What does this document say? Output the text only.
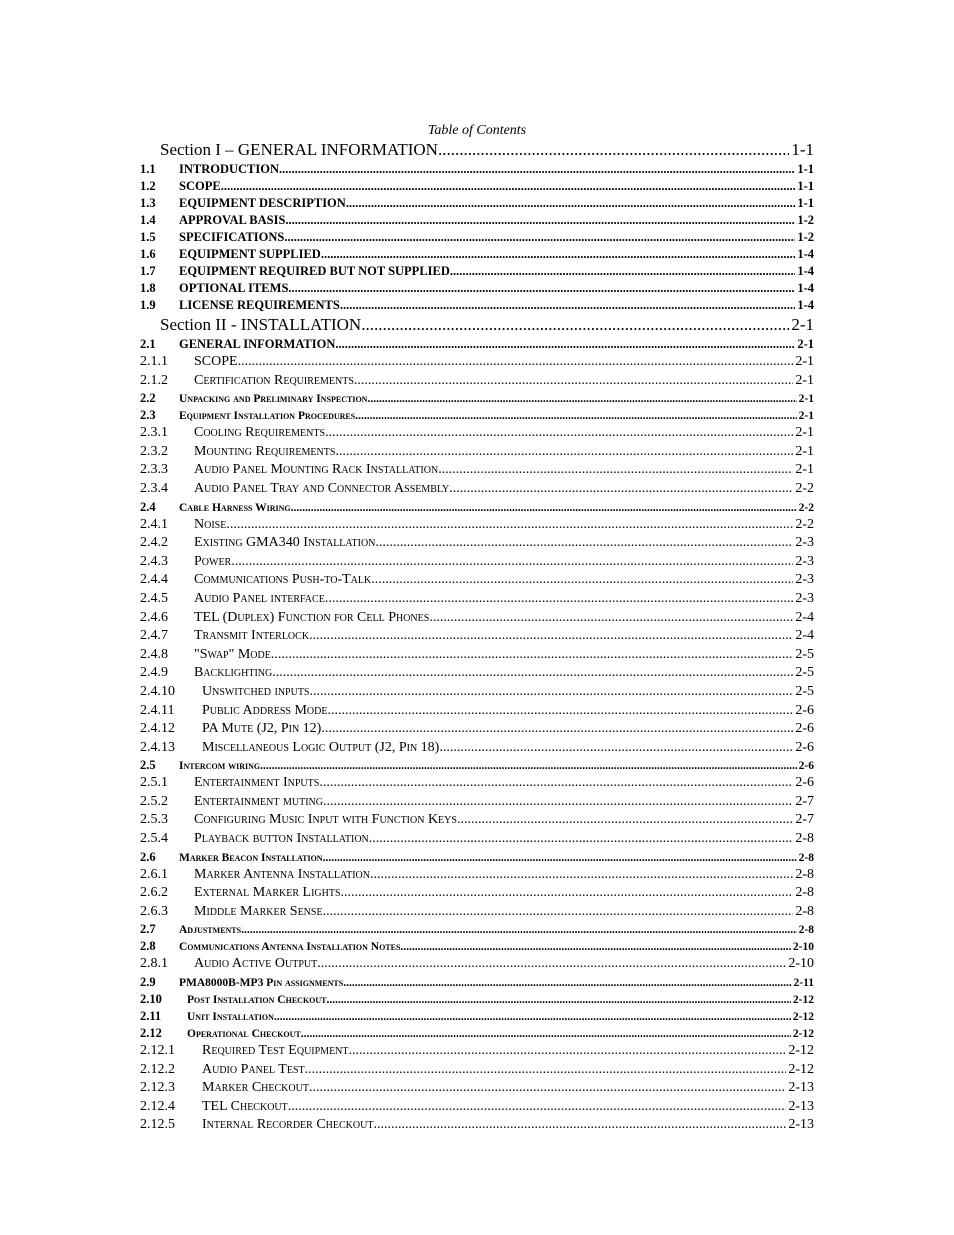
Table of Contents
Section I – GENERAL INFORMATION .....	1-1
1.1	INTRODUCTION .....	1-1
1.2	SCOPE .....	1-1
1.3	EQUIPMENT DESCRIPTION .....	1-1
1.4	APPROVAL BASIS .....	1-2
1.5	SPECIFICATIONS .....	1-2
1.6	EQUIPMENT SUPPLIED .....	1-4
1.7	EQUIPMENT REQUIRED BUT NOT SUPPLIED .....	1-4
1.8	OPTIONAL ITEMS .....	1-4
1.9	LICENSE REQUIREMENTS .....	1-4
Section II - INSTALLATION .....	2-1
2.1	GENERAL INFORMATION .....	2-1
2.1.1	SCOPE .....	2-1
2.1.2	Certification Requirements .....	2-1
2.2	Unpacking and Preliminary Inspection .....	2-1
2.3	Equipment Installation Procedures .....	2-1
2.3.1	Cooling Requirements .....	2-1
2.3.2	Mounting Requirements .....	2-1
2.3.3	Audio Panel Mounting Rack Installation .....	2-1
2.3.4	Audio Panel Tray and Connector Assembly .....	2-2
2.4	Cable Harness Wiring .....	2-2
2.4.1	Noise .....	2-2
2.4.2	Existing GMA340 Installation .....	2-3
2.4.3	Power .....	2-3
2.4.4	Communications Push-to-Talk .....	2-3
2.4.5	Audio Panel interface .....	2-3
2.4.6	TEL (Duplex) Function for Cell Phones .....	2-4
2.4.7	Transmit Interlock .....	2-4
2.4.8	"Swap" Mode .....	2-5
2.4.9	Backlighting .....	2-5
2.4.10	Unswitched inputs .....	2-5
2.4.11	Public Address Mode .....	2-6
2.4.12	PA Mute (J2, Pin 12) .....	2-6
2.4.13	Miscellaneous Logic Output (J2, Pin 18) .....	2-6
2.5	Intercom wiring .....	2-6
2.5.1	Entertainment Inputs .....	2-6
2.5.2	Entertainment muting .....	2-7
2.5.3	Configuring Music Input with Function Keys .....	2-7
2.5.4	Playback button Installation .....	2-8
2.6	Marker Beacon Installation .....	2-8
2.6.1	Marker Antenna Installation .....	2-8
2.6.2	External Marker Lights .....	2-8
2.6.3	Middle Marker Sense .....	2-8
2.7	Adjustments .....	2-8
2.8	Communications Antenna Installation Notes .....	2-10
2.8.1	Audio Active Output .....	2-10
2.9	PMA8000B-MP3 Pin assignments .....	2-11
2.10	Post Installation Checkout .....	2-12
2.11	Unit Installation .....	2-12
2.12	Operational Checkout .....	2-12
2.12.1	Required Test Equipment .....	2-12
2.12.2	Audio Panel Test .....	2-12
2.12.3	Marker Checkout .....	2-13
2.12.4	TEL Checkout .....	2-13
2.12.5	Internal Recorder Checkout .....	2-13
